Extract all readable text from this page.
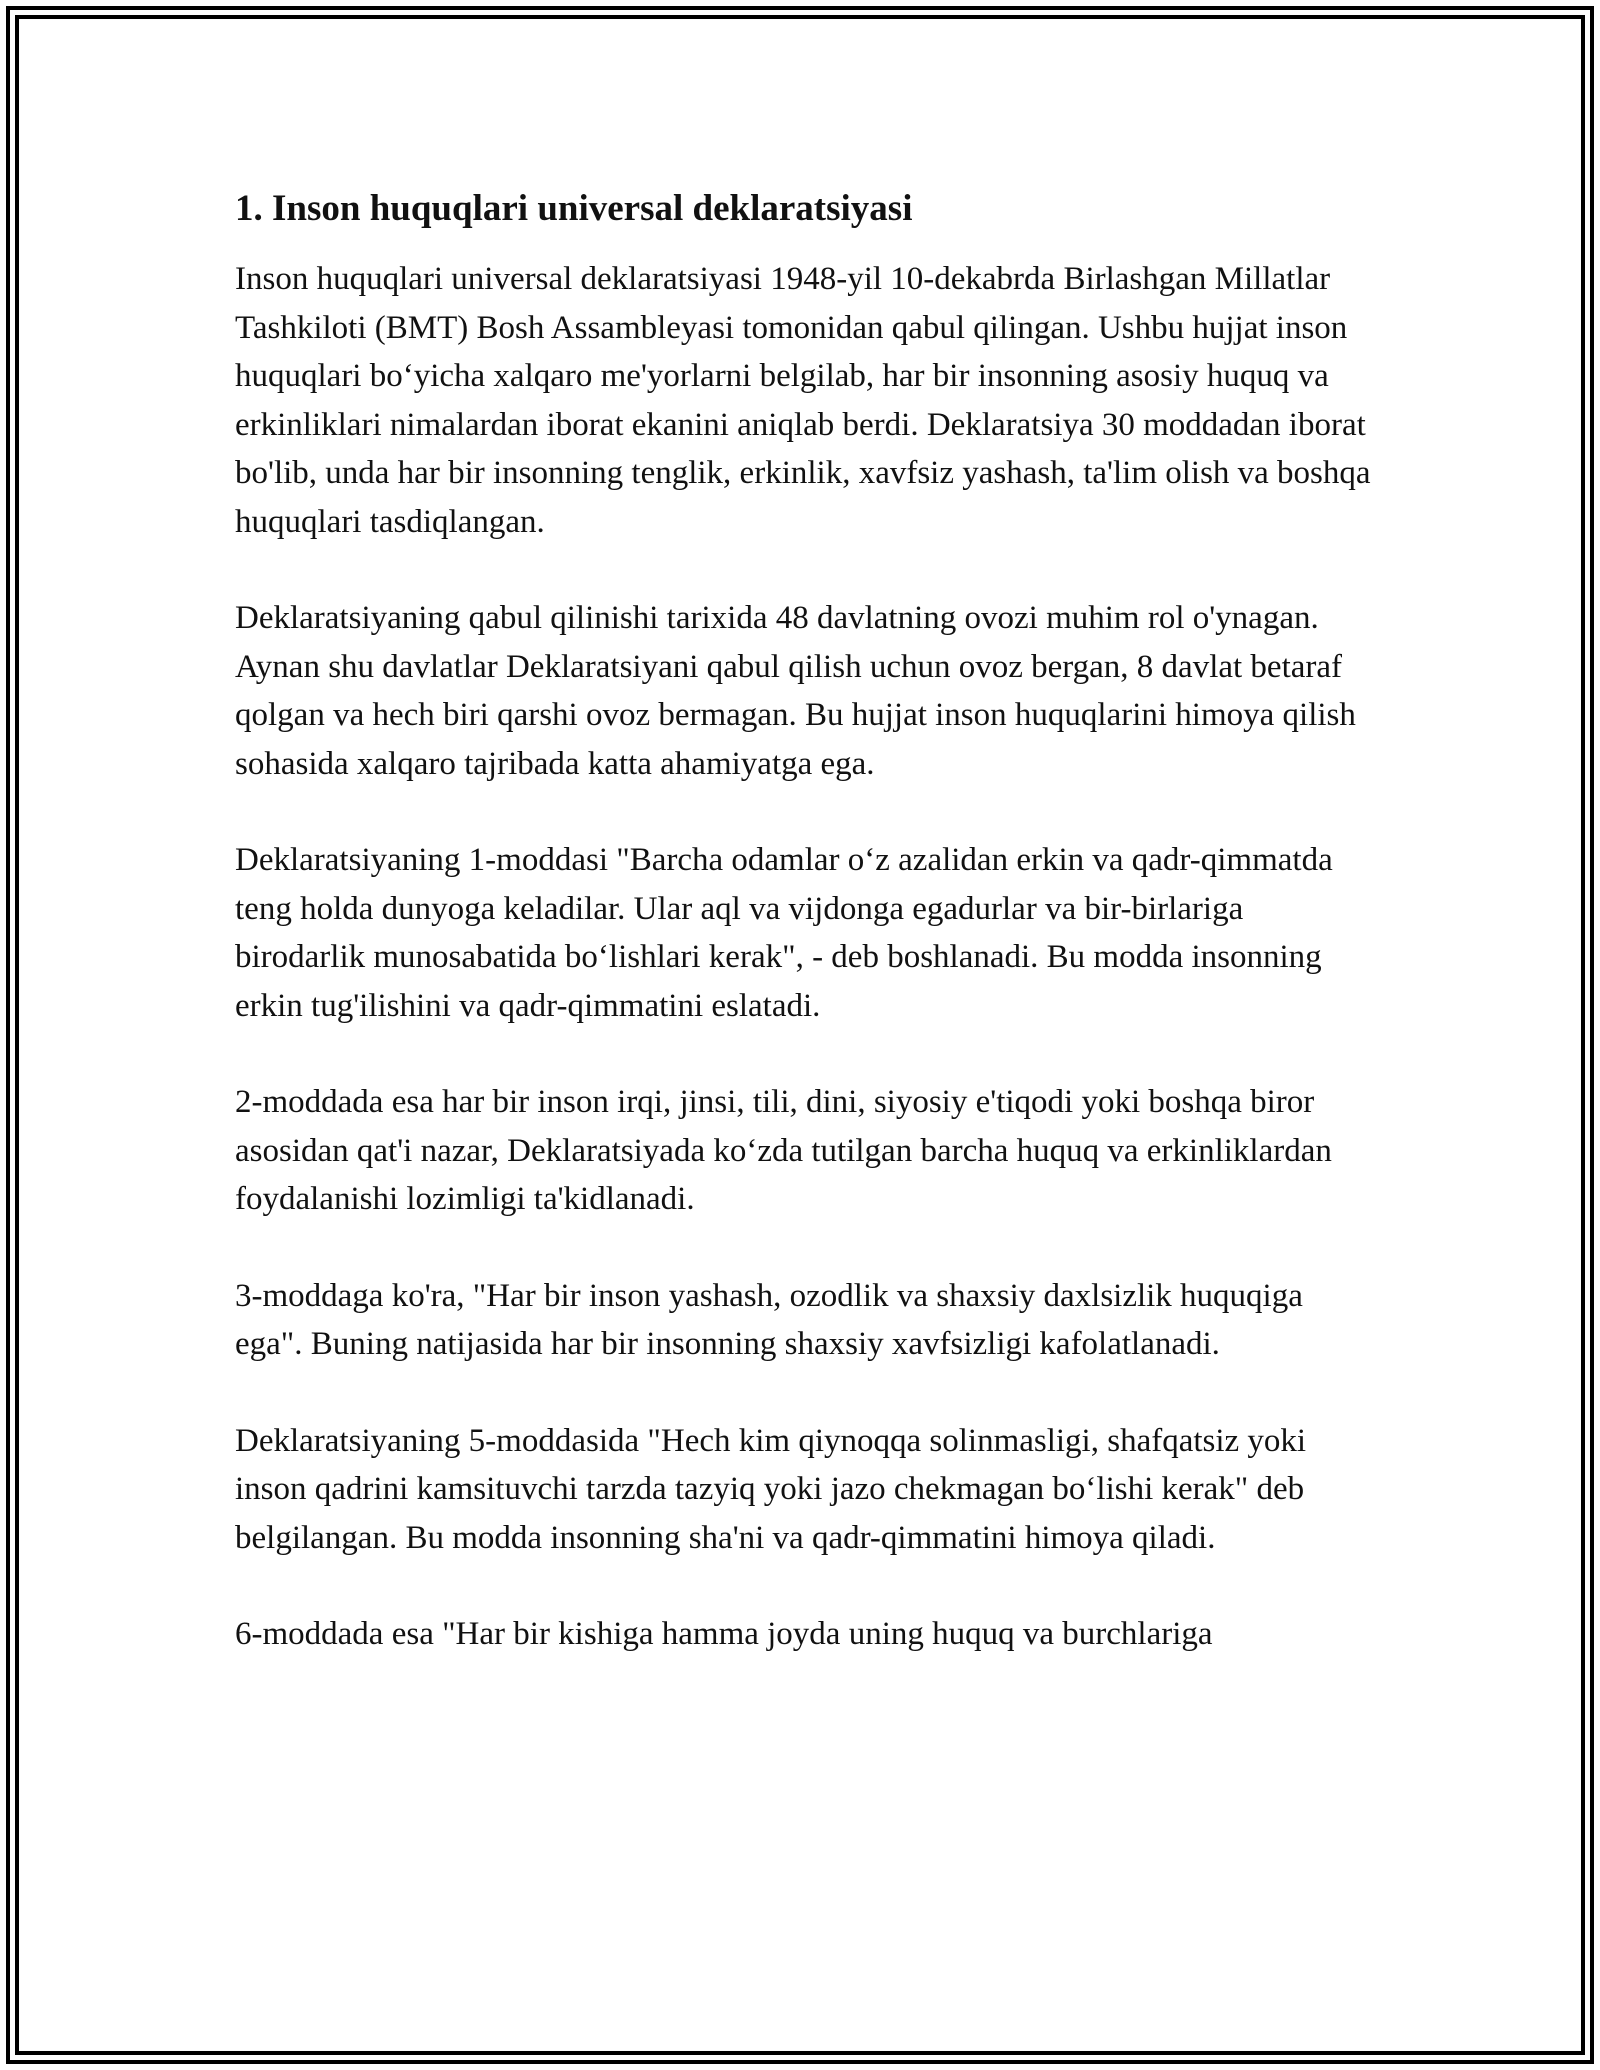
1. Inson huquqlari universal deklaratsiyasi

Inson huquqlari universal deklaratsiyasi 1948-yil 10-dekabrda Birlashgan Millatlar Tashkiloti (BMT) Bosh Assambleyasi tomonidan qabul qilingan. Ushbu hujjat inson huquqlari bo‘yicha xalqaro me'yorlarni belgilab, har bir insonning asosiy huquq va erkinliklari nimalardan iborat ekanini aniqlab berdi. Deklaratsiya 30 moddadan iborat bo'lib, unda har bir insonning tenglik, erkinlik, xavfsiz yashash, ta'lim olish va boshqa huquqlari tasdiqlangan.

Deklaratsiyaning qabul qilinishi tarixida 48 davlatning ovozi muhim rol o'ynagan. Aynan shu davlatlar Deklaratsiyani qabul qilish uchun ovoz bergan, 8 davlat betaraf qolgan va hech biri qarshi ovoz bermagan. Bu hujjat inson huquqlarini himoya qilish sohasida xalqaro tajribada katta ahamiyatga ega.

Deklaratsiyaning 1-moddasi "Barcha odamlar o‘z azalidan erkin va qadr-qimmatda teng holda dunyoga keladilar. Ular aql va vijdonga egadurlar va bir-birlariga birodarlik munosabatida bo‘lishlari kerak", - deb boshlanadi. Bu modda insonning erkin tug'ilishini va qadr-qimmatini eslatadi.

2-moddada esa har bir inson irqi, jinsi, tili, dini, siyosiy e'tiqodi yoki boshqa biror asosidan qat'i nazar, Deklaratsiyada ko‘zda tutilgan barcha huquq va erkinliklardan foydalanishi lozimligi ta'kidlanadi.

3-moddaga ko'ra, "Har bir inson yashash, ozodlik va shaxsiy daxlsizlik huquqiga ega". Buning natijasida har bir insonning shaxsiy xavfsizligi kafolatlanadi.

Deklaratsiyaning 5-moddasida "Hech kim qiynoqqa solinmasligi, shafqatsiz yoki inson qadrini kamsituvchi tarzda tazyiq yoki jazo chekmagan bo‘lishi kerak" deb belgilangan. Bu modda insonning sha'ni va qadr-qimmatini himoya qiladi.

6-moddada esa "Har bir kishiga hamma joyda uning huquq va burchlariga
